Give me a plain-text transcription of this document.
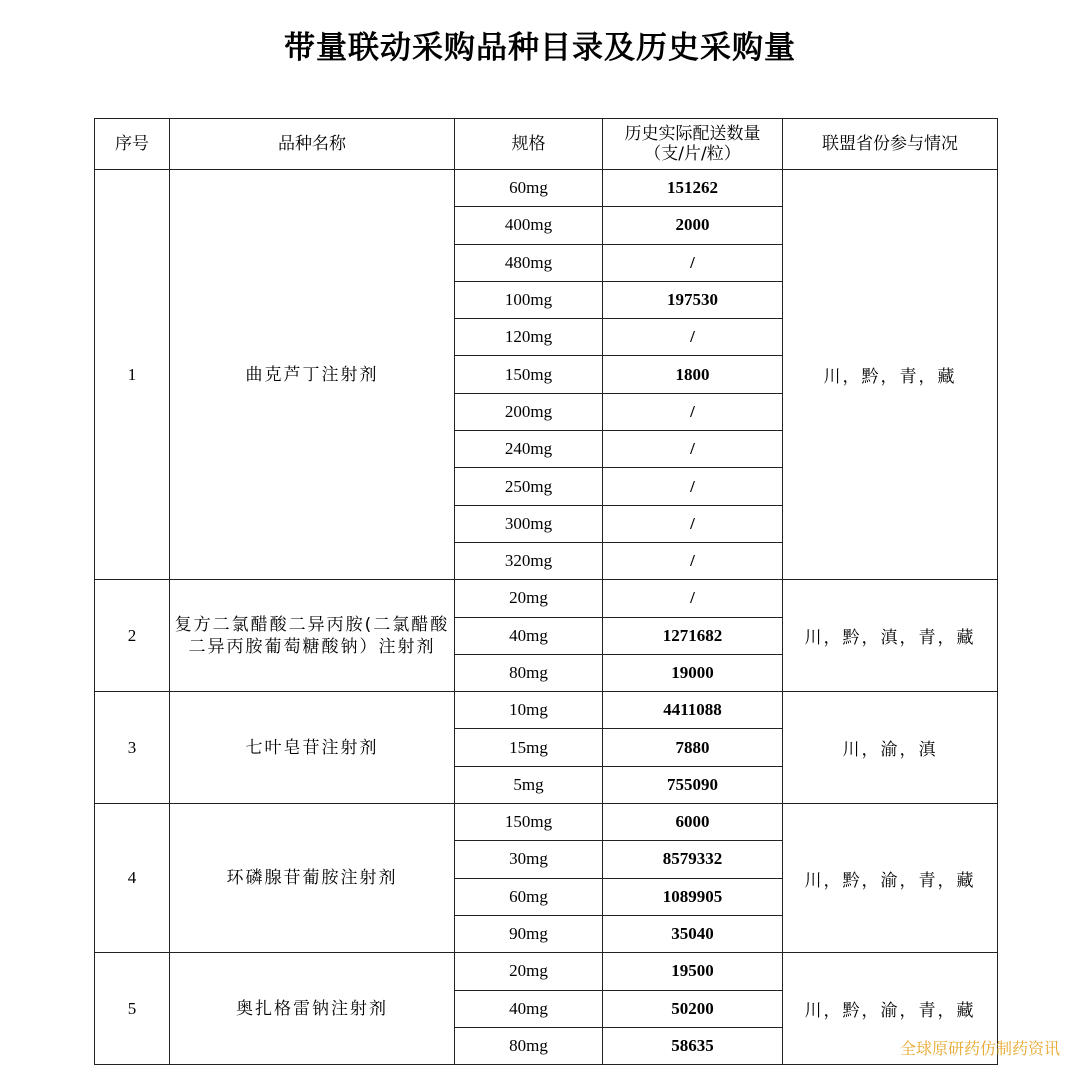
带量联动采购品种目录及历史采购量
序号	品种名称	规格	历史实际配送数量
（支/片/粒）	联盟省份参与情况
1	曲克芦丁注射剂	60mg	151262	川，黔，青，藏
		400mg	2000	
		480mg	/	
		100mg	197530	
		120mg	/	
		150mg	1800	
		200mg	/	
		240mg	/	
		250mg	/	
		300mg	/	
		320mg	/	
2	复方二氯醋酸二异丙胺(二氯醋酸二异丙胺葡萄糖酸钠）注射剂	20mg	/	川，黔，滇，青，藏
		40mg	1271682	
		80mg	19000	
3	七叶皂苷注射剂	10mg	4411088	川，渝，滇
		15mg	7880	
		5mg	755090	
4	环磷腺苷葡胺注射剂	150mg	6000	川，黔，渝，青，藏
		30mg	8579332	
		60mg	1089905	
		90mg	35040	
5	奥扎格雷钠注射剂	20mg	19500	川，黔，渝，青，藏
		40mg	50200	
		80mg	58635		全球原研药仿制药资讯
